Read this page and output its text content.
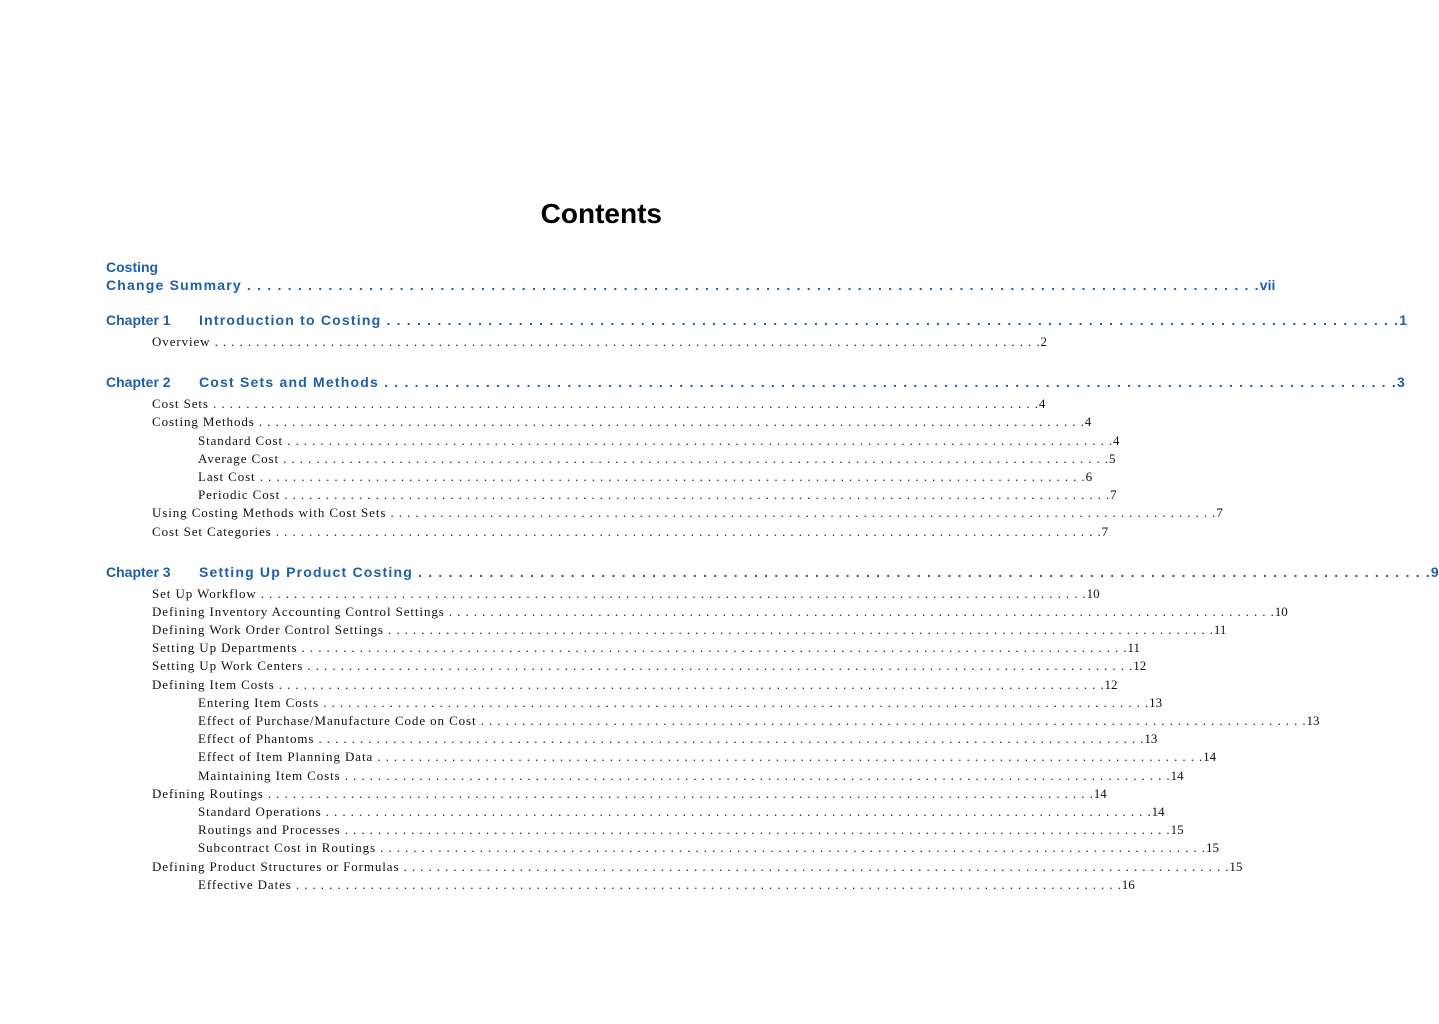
Contents
Costing
Change Summary . . . . . . . . . . . . . . . . . . . . . . . . . . . . . . . . . . . . . . . . . . . . . . . . . . . . . . . . . . . . . . . . . . . . . . . . . . . . . . . . . . . . . . . . . . . . . . . . . . . . vii
Chapter 1	Introduction to Costing . . . . . . . . . . . . . . . . . . . . . . . . . . . . . . . . . . . . . . . . . . . . . . . . . . . . . . . . . . . . . . . . . . . . . . . . . . . . . . . . . . . . . . . . . . . . . . . . . . . . 1
Overview . . . . . . . . . . . . . . . . . . . . . . . . . . . . . . . . . . . . . . . . . . . . . . . . . . . . . . . . . . . . . . . . . . . . . . . . . . . . . . . . . . . . . . . . . . . . . . . . . . . . 2
Chapter 2	Cost Sets and Methods . . . . . . . . . . . . . . . . . . . . . . . . . . . . . . . . . . . . . . . . . . . . . . . . . . . . . . . . . . . . . . . . . . . . . . . . . . . . . . . . . . . . . . . . . . . . . . . . . . . . 3
Cost Sets . . . . . . . . . . . . . . . . . . . . . . . . . . . . . . . . . . . . . . . . . . . . . . . . . . . . . . . . . . . . . . . . . . . . . . . . . . . . . . . . . . . . . . . . . . . . . . . . . . . . 4
Costing Methods . . . . . . . . . . . . . . . . . . . . . . . . . . . . . . . . . . . . . . . . . . . . . . . . . . . . . . . . . . . . . . . . . . . . . . . . . . . . . . . . . . . . . . . . . . . . . . . . . . . . 4
Standard Cost . . . . . . . . . . . . . . . . . . . . . . . . . . . . . . . . . . . . . . . . . . . . . . . . . . . . . . . . . . . . . . . . . . . . . . . . . . . . . . . . . . . . . . . . . . . . . . . . . . . . 4
Average Cost . . . . . . . . . . . . . . . . . . . . . . . . . . . . . . . . . . . . . . . . . . . . . . . . . . . . . . . . . . . . . . . . . . . . . . . . . . . . . . . . . . . . . . . . . . . . . . . . . . . . 5
Last Cost . . . . . . . . . . . . . . . . . . . . . . . . . . . . . . . . . . . . . . . . . . . . . . . . . . . . . . . . . . . . . . . . . . . . . . . . . . . . . . . . . . . . . . . . . . . . . . . . . . . . 6
Periodic Cost . . . . . . . . . . . . . . . . . . . . . . . . . . . . . . . . . . . . . . . . . . . . . . . . . . . . . . . . . . . . . . . . . . . . . . . . . . . . . . . . . . . . . . . . . . . . . . . . . . . . 7
Using Costing Methods with Cost Sets . . . . . . . . . . . . . . . . . . . . . . . . . . . . . . . . . . . . . . . . . . . . . . . . . . . . . . . . . . . . . . . . . . . . . . . . . . . . . . . . . . . . . . . . . . . . . . . . . . . . 7
Cost Set Categories . . . . . . . . . . . . . . . . . . . . . . . . . . . . . . . . . . . . . . . . . . . . . . . . . . . . . . . . . . . . . . . . . . . . . . . . . . . . . . . . . . . . . . . . . . . . . . . . . . . . 7
Chapter 3	Setting Up Product Costing . . . . . . . . . . . . . . . . . . . . . . . . . . . . . . . . . . . . . . . . . . . . . . . . . . . . . . . . . . . . . . . . . . . . . . . . . . . . . . . . . . . . . . . . . . . . . . . . . . . . 9
Set Up Workflow . . . . . . . . . . . . . . . . . . . . . . . . . . . . . . . . . . . . . . . . . . . . . . . . . . . . . . . . . . . . . . . . . . . . . . . . . . . . . . . . . . . . . . . . . . . . . . . . . . . . 10
Defining Inventory Accounting Control Settings . . . . . . . . . . . . . . . . . . . . . . . . . . . . . . . . . . . . . . . . . . . . . . . . . . . . . . . . . . . . . . . . . . . . . . . . . . . . . . . . . . . . . . . . . . . . . . . . . . . . 10
Defining Work Order Control Settings . . . . . . . . . . . . . . . . . . . . . . . . . . . . . . . . . . . . . . . . . . . . . . . . . . . . . . . . . . . . . . . . . . . . . . . . . . . . . . . . . . . . . . . . . . . . . . . . . . . . 11
Setting Up Departments . . . . . . . . . . . . . . . . . . . . . . . . . . . . . . . . . . . . . . . . . . . . . . . . . . . . . . . . . . . . . . . . . . . . . . . . . . . . . . . . . . . . . . . . . . . . . . . . . . . . 11
Setting Up Work Centers . . . . . . . . . . . . . . . . . . . . . . . . . . . . . . . . . . . . . . . . . . . . . . . . . . . . . . . . . . . . . . . . . . . . . . . . . . . . . . . . . . . . . . . . . . . . . . . . . . . . 12
Defining Item Costs . . . . . . . . . . . . . . . . . . . . . . . . . . . . . . . . . . . . . . . . . . . . . . . . . . . . . . . . . . . . . . . . . . . . . . . . . . . . . . . . . . . . . . . . . . . . . . . . . . . . 12
Entering Item Costs . . . . . . . . . . . . . . . . . . . . . . . . . . . . . . . . . . . . . . . . . . . . . . . . . . . . . . . . . . . . . . . . . . . . . . . . . . . . . . . . . . . . . . . . . . . . . . . . . . . . 13
Effect of Purchase/Manufacture Code on Cost . . . . . . . . . . . . . . . . . . . . . . . . . . . . . . . . . . . . . . . . . . . . . . . . . . . . . . . . . . . . . . . . . . . . . . . . . . . . . . . . . . . . . . . . . . . . . . . . . . . . 13
Effect of Phantoms . . . . . . . . . . . . . . . . . . . . . . . . . . . . . . . . . . . . . . . . . . . . . . . . . . . . . . . . . . . . . . . . . . . . . . . . . . . . . . . . . . . . . . . . . . . . . . . . . . . . 13
Effect of Item Planning Data . . . . . . . . . . . . . . . . . . . . . . . . . . . . . . . . . . . . . . . . . . . . . . . . . . . . . . . . . . . . . . . . . . . . . . . . . . . . . . . . . . . . . . . . . . . . . . . . . . . . 14
Maintaining Item Costs . . . . . . . . . . . . . . . . . . . . . . . . . . . . . . . . . . . . . . . . . . . . . . . . . . . . . . . . . . . . . . . . . . . . . . . . . . . . . . . . . . . . . . . . . . . . . . . . . . . . 14
Defining Routings . . . . . . . . . . . . . . . . . . . . . . . . . . . . . . . . . . . . . . . . . . . . . . . . . . . . . . . . . . . . . . . . . . . . . . . . . . . . . . . . . . . . . . . . . . . . . . . . . . . . 14
Standard Operations . . . . . . . . . . . . . . . . . . . . . . . . . . . . . . . . . . . . . . . . . . . . . . . . . . . . . . . . . . . . . . . . . . . . . . . . . . . . . . . . . . . . . . . . . . . . . . . . . . . . 14
Routings and Processes . . . . . . . . . . . . . . . . . . . . . . . . . . . . . . . . . . . . . . . . . . . . . . . . . . . . . . . . . . . . . . . . . . . . . . . . . . . . . . . . . . . . . . . . . . . . . . . . . . . . 15
Subcontract Cost in Routings . . . . . . . . . . . . . . . . . . . . . . . . . . . . . . . . . . . . . . . . . . . . . . . . . . . . . . . . . . . . . . . . . . . . . . . . . . . . . . . . . . . . . . . . . . . . . . . . . . . . 15
Defining Product Structures or Formulas . . . . . . . . . . . . . . . . . . . . . . . . . . . . . . . . . . . . . . . . . . . . . . . . . . . . . . . . . . . . . . . . . . . . . . . . . . . . . . . . . . . . . . . . . . . . . . . . . . . . 15
Effective Dates . . . . . . . . . . . . . . . . . . . . . . . . . . . . . . . . . . . . . . . . . . . . . . . . . . . . . . . . . . . . . . . . . . . . . . . . . . . . . . . . . . . . . . . . . . . . . . . . . . . . 16
